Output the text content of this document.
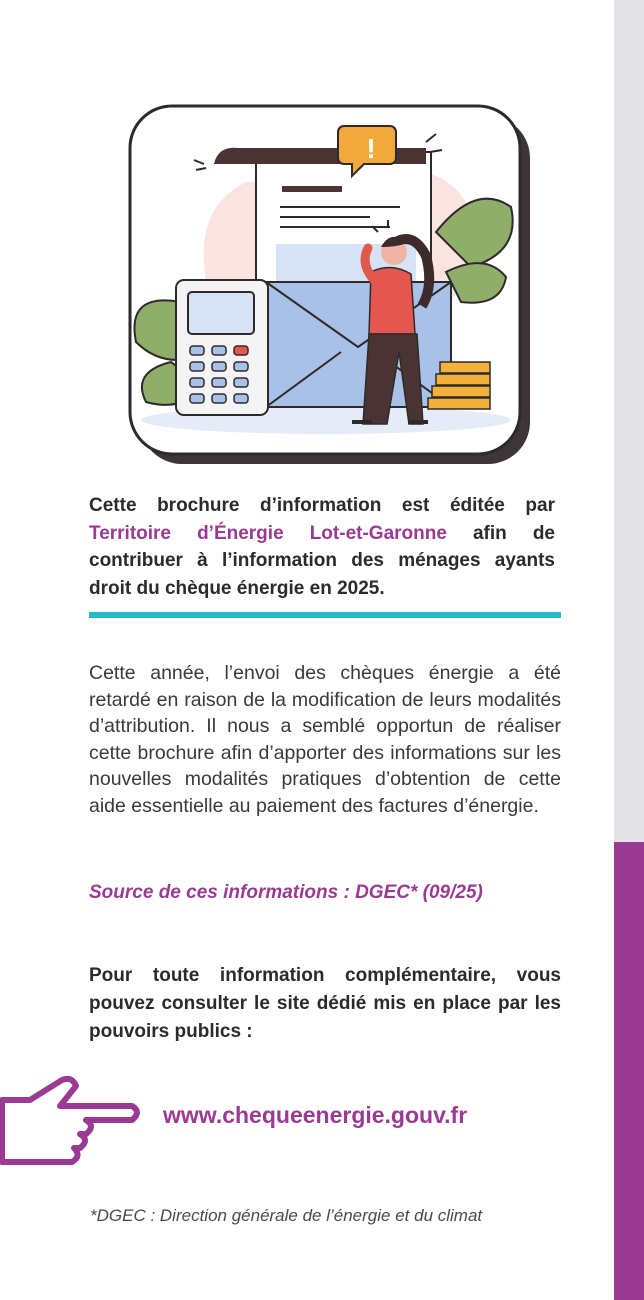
!

Cette brochure d’information est éditée par Territoire d’Énergie Lot-et-Garonne afin de contribuer à l’information des ménages ayants droit du chèque énergie en 2025.

Cette année, l’envoi des chèques énergie a été retardé en raison de la modification de leurs modalités d’attribution. Il nous a semblé opportun de réaliser cette brochure afin d’apporter des informations sur les nouvelles modalités pratiques d’obtention de cette aide essentielle au paiement des factures d’énergie.

Source de ces informations : DGEC* (09/25)

Pour toute information complémentaire, vous pouvez consulter le site dédié mis en place par les pouvoirs publics :

www.chequeenergie.gouv.fr

*DGEC : Direction générale de l’énergie et du climat
